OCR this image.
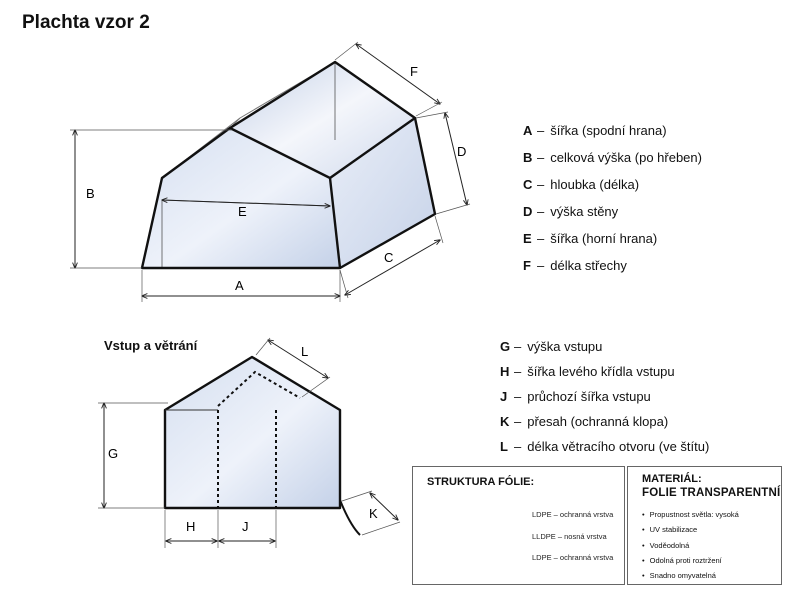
Plachta vzor 2
B
A
E
C
D
F
G
H	J
L
K
Vstup a větrání
A – šířka (spodní hrana)
B – celková výška (po hřeben)
C – hloubka (délka)
D – výška stěny
E – šířka (horní hrana)
F – délka střechy
G – výška vstupu
H – šířka levého křídla vstupu
J – průchozí šířka vstupu
K – přesah (ochranná klopa)
L – délka větracího otvoru (ve štítu)
STRUKTURA FÓLIE:
LDPE – ochranná vrstva
LLDPE – nosná vrstva
LDPE – ochranná vrstva
MATERIÁL:
FOLIE TRANSPARENTNÍ
• Propustnost světla: vysoká
• UV stabilizace
• Voděodolná
• Odolná proti roztržení
• Snadno omyvatelná
